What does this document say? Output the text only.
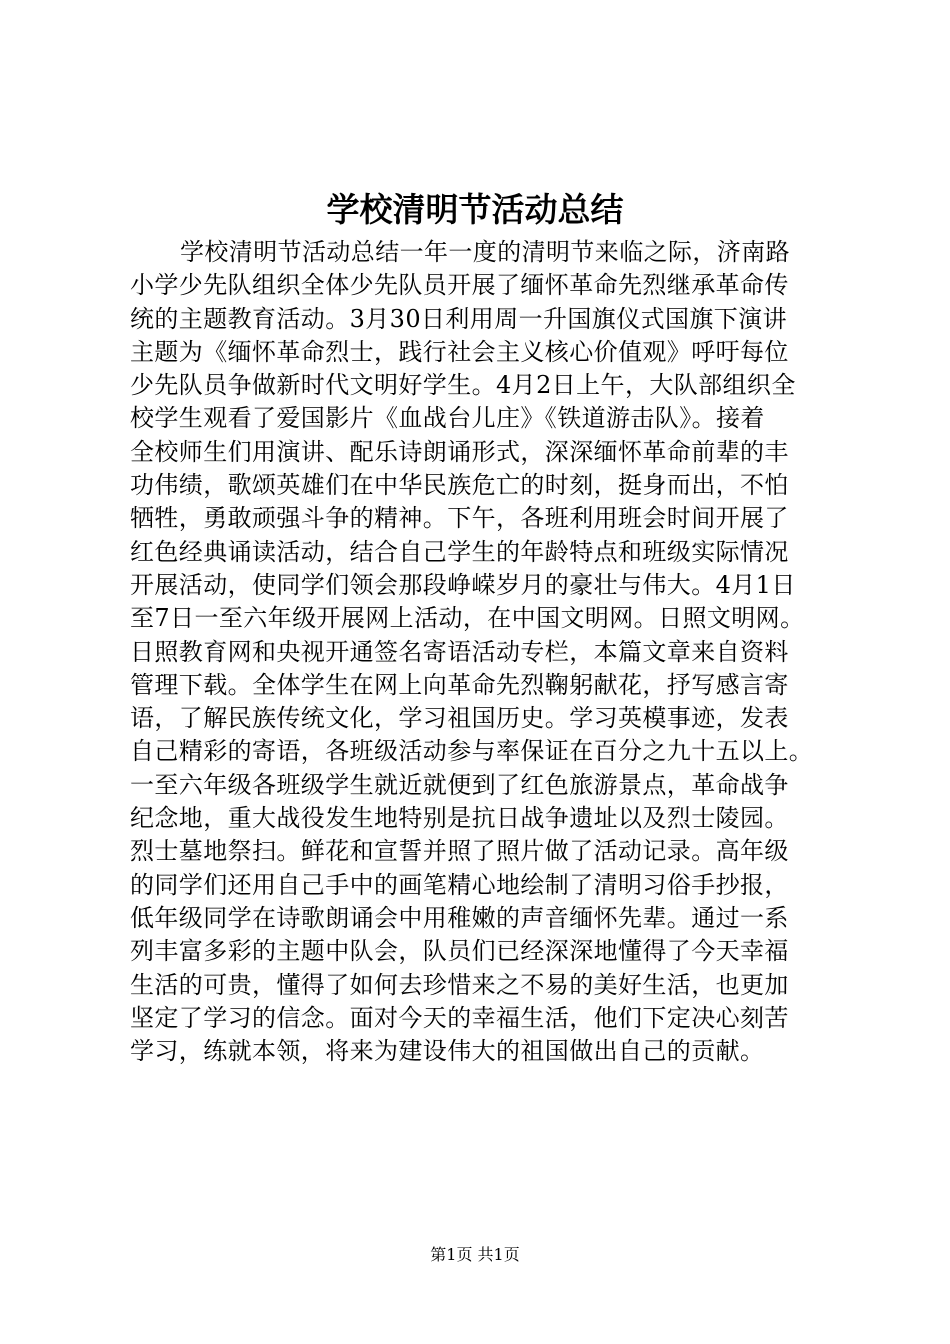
学校清明节活动总结
学校清明节活动总结一年一度的清明节来临之际，济南路
小学少先队组织全体少先队员开展了缅怀革命先烈继承革命传
统的主题教育活动。3月30日利用周一升国旗仪式国旗下演讲
主题为《缅怀革命烈士，践行社会主义核心价值观》呼吁每位
少先队员争做新时代文明好学生。4月2日上午，大队部组织全
校学生观看了爱国影片《血战台儿庄》《铁道游击队》。接着
全校师生们用演讲、配乐诗朗诵形式，深深缅怀革命前辈的丰
功伟绩，歌颂英雄们在中华民族危亡的时刻，挺身而出，不怕
牺牲，勇敢顽强斗争的精神。下午，各班利用班会时间开展了
红色经典诵读活动，结合自己学生的年龄特点和班级实际情况
开展活动，使同学们领会那段峥嵘岁月的豪壮与伟大。4月1日
至7日一至六年级开展网上活动，在中国文明网。日照文明网。
日照教育网和央视开通签名寄语活动专栏，本篇文章来自资料
管理下载。全体学生在网上向革命先烈鞠躬献花，抒写感言寄
语，了解民族传统文化，学习祖国历史。学习英模事迹，发表
自己精彩的寄语，各班级活动参与率保证在百分之九十五以上。
一至六年级各班级学生就近就便到了红色旅游景点，革命战争
纪念地，重大战役发生地特别是抗日战争遗址以及烈士陵园。
烈士墓地祭扫。鲜花和宣誓并照了照片做了活动记录。高年级
的同学们还用自己手中的画笔精心地绘制了清明习俗手抄报，
低年级同学在诗歌朗诵会中用稚嫩的声音缅怀先辈。通过一系
列丰富多彩的主题中队会，队员们已经深深地懂得了今天幸福
生活的可贵，懂得了如何去珍惜来之不易的美好生活，也更加
坚定了学习的信念。面对今天的幸福生活，他们下定决心刻苦
学习，练就本领，将来为建设伟大的祖国做出自己的贡献。
第1页 共1页
